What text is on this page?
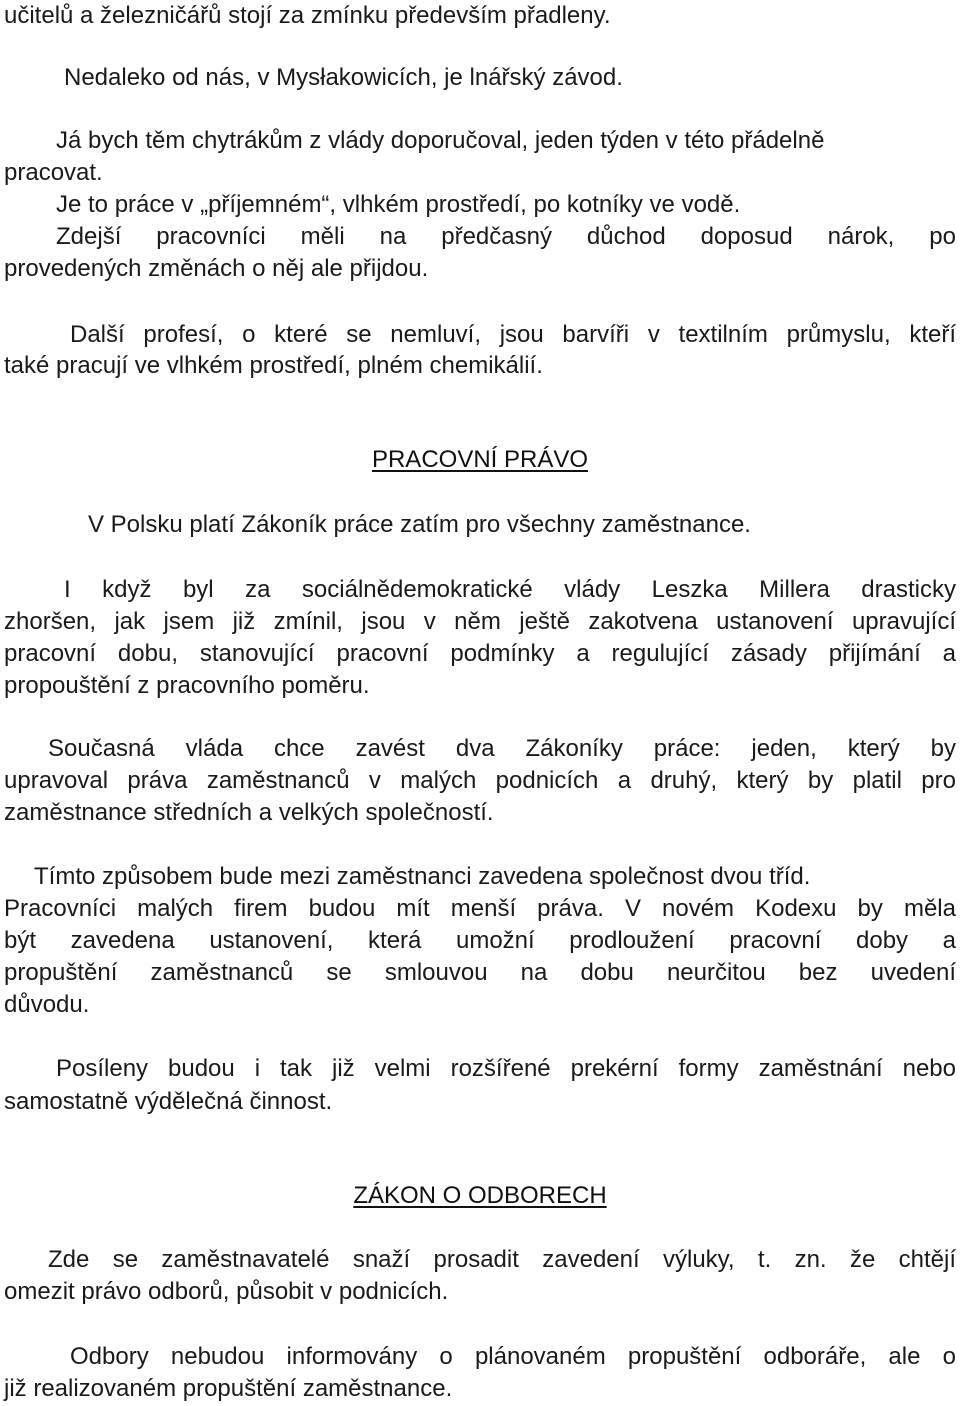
učitelů a železničářů stojí za zmínku především přadleny.

Nedaleko od nás, v Mysłakowicích, je lnářský závod.

Já bych těm chytrákům z vlády doporučoval, jeden týden v této přádelně

pracovat.

Je to práce v „příjemném“, vlhkém prostředí, po kotníky ve vodě.

Zdejší pracovníci měli na předčasný důchod doposud nárok, po

provedených změnách o něj ale přijdou.

Další profesí, o které se nemluví, jsou barvíři v textilním průmyslu, kteří

také pracují ve vlhkém prostředí, plném chemikálií.

PRACOVNÍ PRÁVO

V Polsku platí Zákoník práce zatím pro všechny zaměstnance.

I když byl za sociálnědemokratické vlády Leszka Millera drasticky

zhoršen, jak jsem již zmínil, jsou v něm ještě zakotvena ustanovení upravující

pracovní dobu, stanovující pracovní podmínky a regulující zásady přijímání a

propouštění z pracovního poměru.

Současná vláda chce zavést dva Zákoníky práce: jeden, který by

upravoval práva zaměstnanců v malých podnicích a druhý, který by platil pro

zaměstnance středních a velkých společností.

Tímto způsobem bude mezi zaměstnanci zavedena společnost dvou tříd.

Pracovníci malých firem budou mít menší práva. V novém Kodexu by měla

být zavedena ustanovení, která umožní prodloužení pracovní doby a

propuštění zaměstnanců se smlouvou na dobu neurčitou bez uvedení

důvodu.

Posíleny budou i tak již velmi rozšířené prekérní formy zaměstnání nebo

samostatně výdělečná činnost.

ZÁKON O ODBORECH

Zde se zaměstnavatelé snaží prosadit zavedení výluky, t. zn. že chtějí

omezit právo odborů, působit v podnicích.

Odbory nebudou informovány o plánovaném propuštění odboráře, ale o

již realizovaném propuštění zaměstnance.
